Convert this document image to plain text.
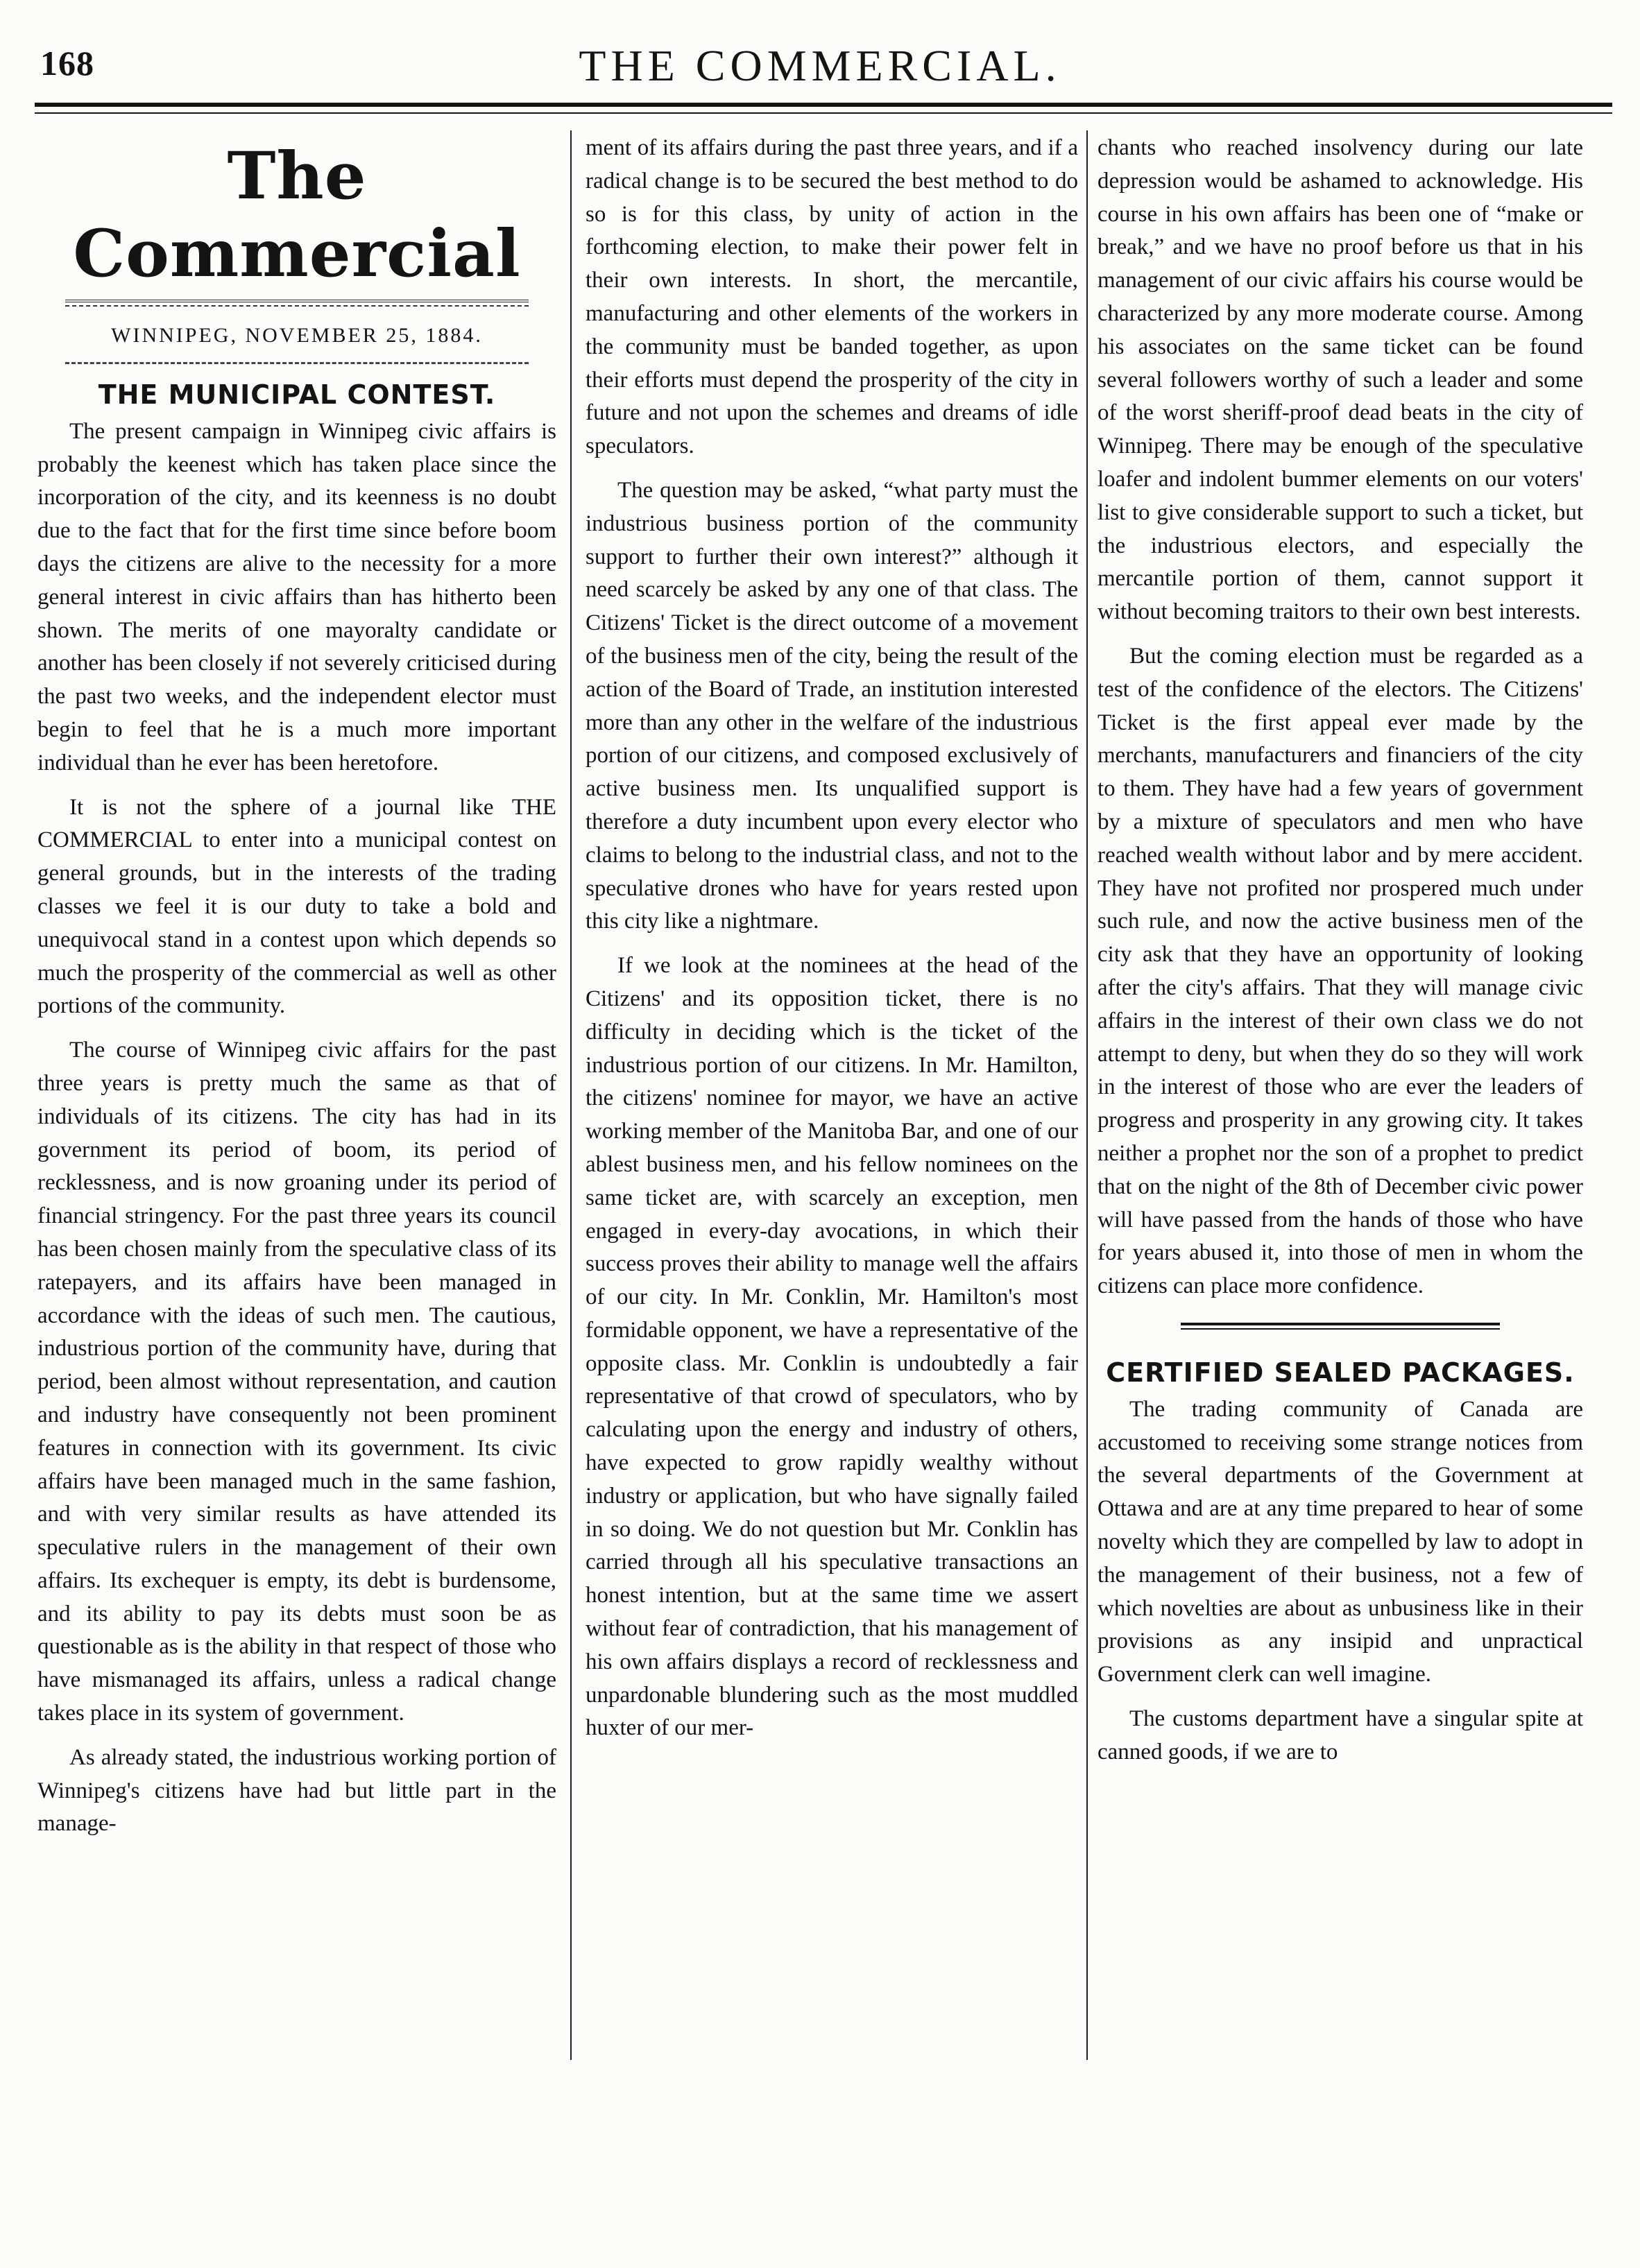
168	THE COMMERCIAL.
The Commercial
WINNIPEG, NOVEMBER 25, 1884.
THE MUNICIPAL CONTEST.

The present campaign in Winnipeg civic affairs is probably the keenest which has taken place since the incorporation of the city, and its keenness is no doubt due to the fact that for the first time since before boom days the citizens are alive to the necessity for a more general interest in civic affairs than has hitherto been shown. The merits of one mayoralty candidate or another has been closely if not severely criticised during the past two weeks, and the independent elector must begin to feel that he is a much more important individual than he ever has been heretofore.

It is not the sphere of a journal like THE COMMERCIAL to enter into a municipal contest on general grounds, but in the interests of the trading classes we feel it is our duty to take a bold and unequivocal stand in a contest upon which depends so much the prosperity of the commercial as well as other portions of the community.

The course of Winnipeg civic affairs for the past three years is pretty much the same as that of individuals of its citizens. The city has had in its government its period of boom, its period of recklessness, and is now groaning under its period of financial stringency. For the past three years its council has been chosen mainly from the speculative class of its ratepayers, and its affairs have been managed in accordance with the ideas of such men. The cautious, industrious portion of the community have, during that period, been almost without representation, and caution and industry have consequently not been prominent features in connection with its government. Its civic affairs have been managed much in the same fashion, and with very similar results as have attended its speculative rulers in the management of their own affairs. Its exchequer is empty, its debt is burdensome, and its ability to pay its debts must soon be as questionable as is the ability in that respect of those who have mismanaged its affairs, unless a radical change takes place in its system of government.

As already stated, the industrious working portion of Winnipeg's citizens have had but little part in the manage-

ment of its affairs during the past three years, and if a radical change is to be secured the best method to do so is for this class, by unity of action in the forthcoming election, to make their power felt in their own interests. In short, the mercantile, manufacturing and other elements of the workers in the community must be banded together, as upon their efforts must depend the prosperity of the city in future and not upon the schemes and dreams of idle speculators.

The question may be asked, “what party must the industrious business portion of the community support to further their own interest?” although it need scarcely be asked by any one of that class. The Citizens' Ticket is the direct outcome of a movement of the business men of the city, being the result of the action of the Board of Trade, an institution interested more than any other in the welfare of the industrious portion of our citizens, and composed exclusively of active business men. Its unqualified support is therefore a duty incumbent upon every elector who claims to belong to the industrial class, and not to the speculative drones who have for years rested upon this city like a nightmare.

If we look at the nominees at the head of the Citizens' and its opposition ticket, there is no difficulty in deciding which is the ticket of the industrious portion of our citizens. In Mr. Hamilton, the citizens' nominee for mayor, we have an active working member of the Manitoba Bar, and one of our ablest business men, and his fellow nominees on the same ticket are, with scarcely an exception, men engaged in every-day avocations, in which their success proves their ability to manage well the affairs of our city. In Mr. Conklin, Mr. Hamilton's most formidable opponent, we have a representative of the opposite class. Mr. Conklin is undoubtedly a fair representative of that crowd of speculators, who by calculating upon the energy and industry of others, have expected to grow rapidly wealthy without industry or application, but who have signally failed in so doing. We do not question but Mr. Conklin has carried through all his speculative transactions an honest intention, but at the same time we assert without fear of contradiction, that his management of his own affairs displays a record of recklessness and unpardonable blundering such as the most muddled huxter of our mer-

chants who reached insolvency during our late depression would be ashamed to acknowledge. His course in his own affairs has been one of “make or break,” and we have no proof before us that in his management of our civic affairs his course would be characterized by any more moderate course. Among his associates on the same ticket can be found several followers worthy of such a leader and some of the worst sheriff-proof dead beats in the city of Winnipeg. There may be enough of the speculative loafer and indolent bummer elements on our voters' list to give considerable support to such a ticket, but the industrious electors, and especially the mercantile portion of them, cannot support it without becoming traitors to their own best interests.

But the coming election must be regarded as a test of the confidence of the electors. The Citizens' Ticket is the first appeal ever made by the merchants, manufacturers and financiers of the city to them. They have had a few years of government by a mixture of speculators and men who have reached wealth without labor and by mere accident. They have not profited nor prospered much under such rule, and now the active business men of the city ask that they have an opportunity of looking after the city's affairs. That they will manage civic affairs in the interest of their own class we do not attempt to deny, but when they do so they will work in the interest of those who are ever the leaders of progress and prosperity in any growing city. It takes neither a prophet nor the son of a prophet to predict that on the night of the 8th of December civic power will have passed from the hands of those who have for years abused it, into those of men in whom the citizens can place more confidence.

CERTIFIED SEALED PACKAGES.

The trading community of Canada are accustomed to receiving some strange notices from the several departments of the Government at Ottawa and are at any time prepared to hear of some novelty which they are compelled by law to adopt in the management of their business, not a few of which novelties are about as unbusiness like in their provisions as any insipid and unpractical Government clerk can well imagine.

The customs department have a singular spite at canned goods, if we are to
